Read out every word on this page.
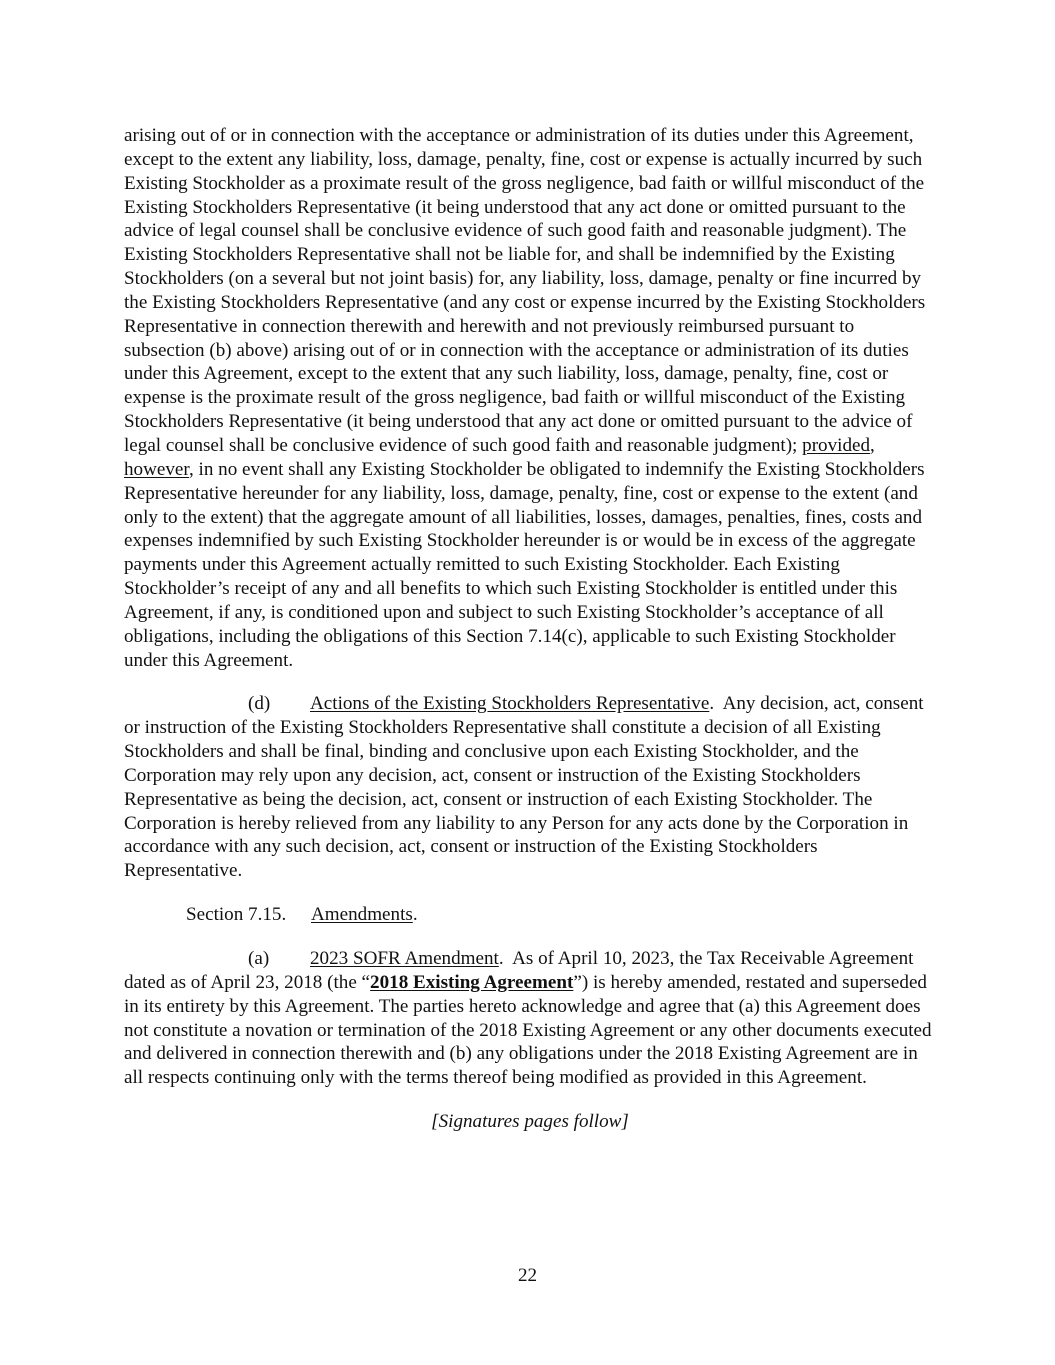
arising out of or in connection with the acceptance or administration of its duties under this Agreement, except to the extent any liability, loss, damage, penalty, fine, cost or expense is actually incurred by such Existing Stockholder as a proximate result of the gross negligence, bad faith or willful misconduct of the Existing Stockholders Representative (it being understood that any act done or omitted pursuant to the advice of legal counsel shall be conclusive evidence of such good faith and reasonable judgment). The Existing Stockholders Representative shall not be liable for, and shall be indemnified by the Existing Stockholders (on a several but not joint basis) for, any liability, loss, damage, penalty or fine incurred by the Existing Stockholders Representative (and any cost or expense incurred by the Existing Stockholders Representative in connection therewith and herewith and not previously reimbursed pursuant to subsection (b) above) arising out of or in connection with the acceptance or administration of its duties under this Agreement, except to the extent that any such liability, loss, damage, penalty, fine, cost or expense is the proximate result of the gross negligence, bad faith or willful misconduct of the Existing Stockholders Representative (it being understood that any act done or omitted pursuant to the advice of legal counsel shall be conclusive evidence of such good faith and reasonable judgment); provided, however, in no event shall any Existing Stockholder be obligated to indemnify the Existing Stockholders Representative hereunder for any liability, loss, damage, penalty, fine, cost or expense to the extent (and only to the extent) that the aggregate amount of all liabilities, losses, damages, penalties, fines, costs and expenses indemnified by such Existing Stockholder hereunder is or would be in excess of the aggregate payments under this Agreement actually remitted to such Existing Stockholder. Each Existing Stockholder’s receipt of any and all benefits to which such Existing Stockholder is entitled under this Agreement, if any, is conditioned upon and subject to such Existing Stockholder’s acceptance of all obligations, including the obligations of this Section 7.14(c), applicable to such Existing Stockholder under this Agreement.

(d) Actions of the Existing Stockholders Representative.  Any decision, act, consent or instruction of the Existing Stockholders Representative shall constitute a decision of all Existing Stockholders and shall be final, binding and conclusive upon each Existing Stockholder, and the Corporation may rely upon any decision, act, consent or instruction of the Existing Stockholders Representative as being the decision, act, consent or instruction of each Existing Stockholder. The Corporation is hereby relieved from any liability to any Person for any acts done by the Corporation in accordance with any such decision, act, consent or instruction of the Existing Stockholders Representative.

Section 7.15. Amendments.

(a) 2023 SOFR Amendment.  As of April 10, 2023, the Tax Receivable Agreement dated as of April 23, 2018 (the “2018 Existing Agreement”) is hereby amended, restated and superseded in its entirety by this Agreement. The parties hereto acknowledge and agree that (a) this Agreement does not constitute a novation or termination of the 2018 Existing Agreement or any other documents executed and delivered in connection therewith and (b) any obligations under the 2018 Existing Agreement are in all respects continuing only with the terms thereof being modified as provided in this Agreement.

[Signatures pages follow]

22
